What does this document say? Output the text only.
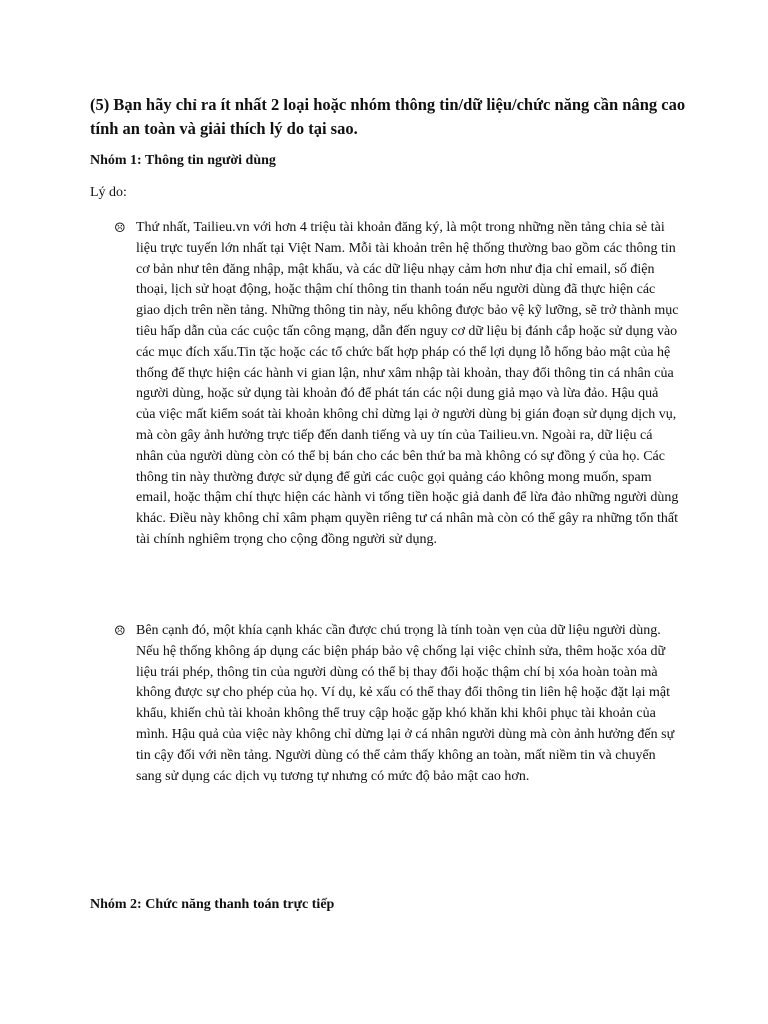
(5) Bạn hãy chỉ ra ít nhất 2 loại hoặc nhóm thông tin/dữ liệu/chức năng cần nâng cao tính an toàn và giải thích lý do tại sao.

Nhóm 1: Thông tin người dùng

Lý do:

☹ Thứ nhất, Tailieu.vn với hơn 4 triệu tài khoản đăng ký, là một trong những nền tảng chia sẻ tài liệu trực tuyến lớn nhất tại Việt Nam. Mỗi tài khoản trên hệ thống thường bao gồm các thông tin cơ bản như tên đăng nhập, mật khẩu, và các dữ liệu nhạy cảm hơn như địa chỉ email, số điện thoại, lịch sử hoạt động, hoặc thậm chí thông tin thanh toán nếu người dùng đã thực hiện các giao dịch trên nền tảng. Những thông tin này, nếu không được bảo vệ kỹ lưỡng, sẽ trở thành mục tiêu hấp dẫn của các cuộc tấn công mạng, dẫn đến nguy cơ dữ liệu bị đánh cắp hoặc sử dụng vào các mục đích xấu.Tin tặc hoặc các tổ chức bất hợp pháp có thể lợi dụng lỗ hổng bảo mật của hệ thống để thực hiện các hành vi gian lận, như xâm nhập tài khoản, thay đổi thông tin cá nhân của người dùng, hoặc sử dụng tài khoản đó để phát tán các nội dung giả mạo và lừa đảo. Hậu quả của việc mất kiểm soát tài khoản không chỉ dừng lại ở người dùng bị gián đoạn sử dụng dịch vụ, mà còn gây ảnh hưởng trực tiếp đến danh tiếng và uy tín của Tailieu.vn. Ngoài ra, dữ liệu cá nhân của người dùng còn có thể bị bán cho các bên thứ ba mà không có sự đồng ý của họ. Các thông tin này thường được sử dụng để gửi các cuộc gọi quảng cáo không mong muốn, spam email, hoặc thậm chí thực hiện các hành vi tống tiền hoặc giả danh để lừa đảo những người dùng khác. Điều này không chỉ xâm phạm quyền riêng tư cá nhân mà còn có thể gây ra những tổn thất tài chính nghiêm trọng cho cộng đồng người sử dụng.

☹ Bên cạnh đó, một khía cạnh khác cần được chú trọng là tính toàn vẹn của dữ liệu người dùng. Nếu hệ thống không áp dụng các biện pháp bảo vệ chống lại việc chỉnh sửa, thêm hoặc xóa dữ liệu trái phép, thông tin của người dùng có thể bị thay đổi hoặc thậm chí bị xóa hoàn toàn mà không được sự cho phép của họ. Ví dụ, kẻ xấu có thể thay đổi thông tin liên hệ hoặc đặt lại mật khẩu, khiến chủ tài khoản không thể truy cập hoặc gặp khó khăn khi khôi phục tài khoản của mình. Hậu quả của việc này không chỉ dừng lại ở cá nhân người dùng mà còn ảnh hưởng đến sự tin cậy đối với nền tảng. Người dùng có thể cảm thấy không an toàn, mất niềm tin và chuyển sang sử dụng các dịch vụ tương tự nhưng có mức độ bảo mật cao hơn.

Nhóm 2: Chức năng thanh toán trực tiếp
